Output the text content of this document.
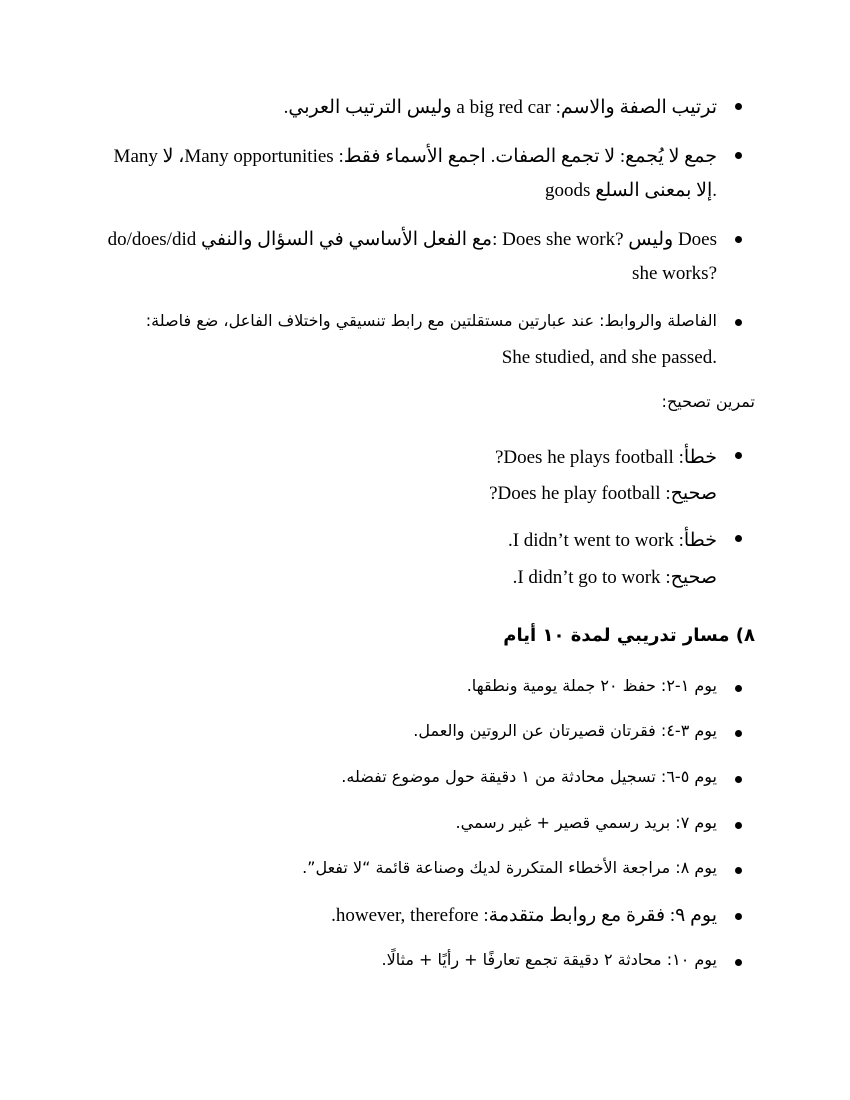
ترتيب الصفة والاسم: a big red car وليس الترتيب العربي.
جمع لا يُجمع: لا تجمع الصفات. اجمع الأسماء فقط: Many opportunities، لا Many
goods إلا بمعنى السلع.
do/does/did مع الفعل الأساسي في السؤال والنفي: Does she work? وليس Does
she works?
الفاصلة والروابط: عند عبارتين مستقلتين مع رابط تنسيقي واختلاف الفاعل، ضع فاصلة:
She studied, and she passed.
تمرين تصحيح:
خطأ: Does he plays football?
صحيح: Does he play football?
خطأ: I didn’t went to work.
صحيح: I didn’t go to work.
٨) مسار تدريبي لمدة ١٠ أيام
يوم ١-٢: حفظ ٢٠ جملة يومية ونطقها.
يوم ٣-٤: فقرتان قصيرتان عن الروتين والعمل.
يوم ٥-٦: تسجيل محادثة من ١ دقيقة حول موضوع تفضله.
يوم ٧: بريد رسمي قصير + غير رسمي.
يوم ٨: مراجعة الأخطاء المتكررة لديك وصناعة قائمة “لا تفعل”.
يوم ٩: فقرة مع روابط متقدمة: however, therefore.
يوم ١٠: محادثة ٢ دقيقة تجمع تعارفًا + رأيًا + مثالًا.
